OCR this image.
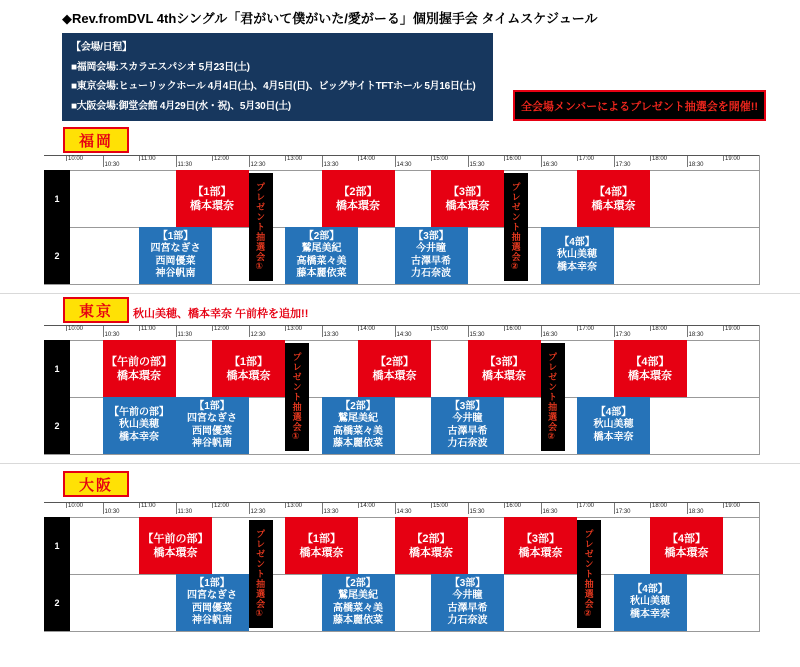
◆Rev.fromDVL 4thシングル「君がいて僕がいた/愛がーる」個別握手会 タイムスケジュール
【会場/日程】
■福岡会場:スカラエスパシオ 5月23日(土)
■東京会場:ヒューリックホール 4月4日(土)、4月5日(日)、ビッグサイトTFTホール 5月16日(土)
■大阪会場:御堂会館 4月29日(水・祝)、5月30日(土)	全会場メンバーによるプレゼント抽選会を開催!!
福岡
10:00
10:30
11:00
11:30
12:00
12:30
13:00
13:30
14:00
14:30
15:00
15:30
16:00
16:30
17:00
17:30
18:00
18:30
19:00
1
2
【1部】
橋本環奈
【2部】
橋本環奈
【3部】
橋本環奈
【4部】
橋本環奈
【1部】
四宮なぎさ
西岡優菜
神谷帆南
【2部】
鷲尾美紀
高橋菜々美
藤本麗依菜
【3部】
今井瞳
古澤早希
力石奈波
【4部】
秋山美穂
橋本幸奈
プレゼント抽選会①	プレゼント抽選会②
東京	秋山美穂、橋本幸奈 午前枠を追加!!
10:00
10:30
11:00
11:30
12:00
12:30
13:00
13:30
14:00
14:30
15:00
15:30
16:00
16:30
17:00
17:30
18:00
18:30
19:00
1
2
【午前の部】
橋本環奈
【1部】
橋本環奈
【2部】
橋本環奈
【3部】
橋本環奈
【4部】
橋本環奈
【午前の部】
秋山美穂
橋本幸奈
【1部】
四宮なぎさ
西岡優菜
神谷帆南
【2部】
鷲尾美紀
高橋菜々美
藤本麗依菜
【3部】
今井瞳
古澤早希
力石奈波
【4部】
秋山美穂
橋本幸奈
プレゼント抽選会①	プレゼント抽選会②
大阪
10:00
10:30
11:00
11:30
12:00
12:30
13:00
13:30
14:00
14:30
15:00
15:30
16:00
16:30
17:00
17:30
18:00
18:30
19:00
1
2
【午前の部】
橋本環奈
【1部】
橋本環奈
【2部】
橋本環奈
【3部】
橋本環奈
【4部】
橋本環奈
【1部】
四宮なぎさ
西岡優菜
神谷帆南
【2部】
鷲尾美紀
高橋菜々美
藤本麗依菜
【3部】
今井瞳
古澤早希
力石奈波
【4部】
秋山美穂
橋本幸奈
プレゼント抽選会①	プレゼント抽選会②
